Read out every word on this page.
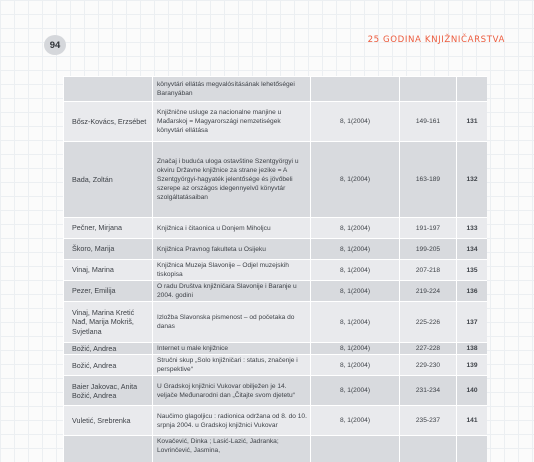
94	25 GODINA KNJIŽNIČARSTVA
	könyvtári ellátás megvalósításának lehetőségei Baranyában			
Bősz-Kovács, Erzsébet	Knjižnične usluge za nacionalne manjine u Mađarskoj = Magyarországi nemzetiségek könyvtári ellátása	8, 1(2004)	149-161	131
Bada, Zoltán	Značaj i buduća uloga ostavštine Szentgyörgyi u okviru Državne knjižnice za strane jezike = A Szentgyörgyi-hagyaték jelentősége és jövőbeli szerepe az országos idegennyelvű könyvtár szolgáltatásaiban	8, 1(2004)	163-189	132
Pečner, Mirjana	Knjižnica i čitaonica u Donjem Miholjcu	8, 1(2004)	191-197	133
Škoro, Marija	Knjižnica Pravnog fakulteta u Osijeku	8, 1(2004)	199-205	134
Vinaj, Marina	Knjižnica Muzeja Slavonije – Odjel muzejskih tiskopisa	8, 1(2004)	207-218	135
Pezer, Emilija	O radu Društva knjižničara Slavonije i Baranje u 2004. godini	8, 1(2004)	219-224	136
Vinaj, Marina Kretić Nađ, Marija Mokriš, Svjetlana	Izložba Slavonska pismenost – od početaka do danas	8, 1(2004)	225-226	137
Božić, Andrea	Internet u male knjižnice	8, 1(2004)	227-228	138
Božić, Andrea	Stručni skup „Solo knjižničari : status, značenje i perspektive“	8, 1(2004)	229-230	139
Baier Jakovac, Anita Božić, Andrea	U Gradskoj knjižnici Vukovar obilježen je 14. veljače Međunarodni dan „Čitajte svom djetetu“	8, 1(2004)	231-234	140
Vuletić, Srebrenka	Naučimo glagoljicu : radionica održana od 8. do 10. srpnja 2004. u Gradskoj knjižnici Vukovar	8, 1(2004)	235-237	141
	Kovačević, Dinka ; Lasić-Lazić, Jadranka; Lovrinčević, Jasmina,			
